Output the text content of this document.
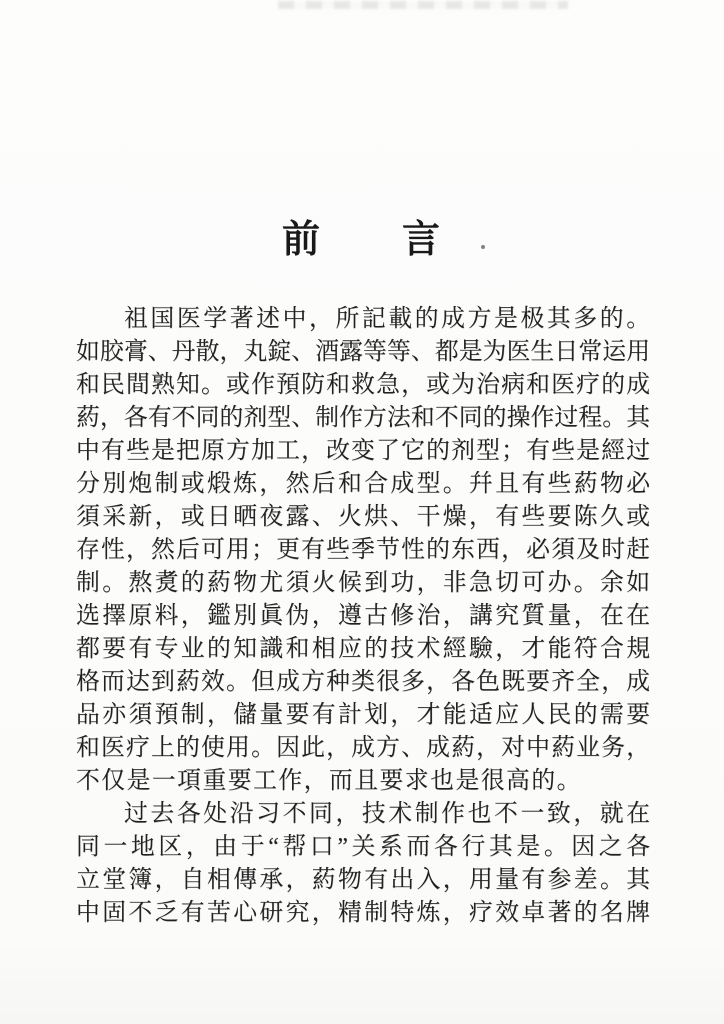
前　　言
祖国医学著述中，所記載的成方是极其多的。
如胶膏、丹散，丸錠、酒露等等、都是为医生日常运用
和民間熟知。或作預防和救急，或为治病和医疗的成
葯，各有不同的剂型、制作方法和不同的操作过程。其
中有些是把原方加工，改变了它的剂型；有些是經过
分別炮制或煅炼，然后和合成型。幷且有些葯物必
須采新，或日晒夜露、火烘、干燥，有些要陈久或
存性，然后可用；更有些季节性的东西，必須及时赶
制。熬煑的葯物尤須火候到功，非急切可办。余如
选擇原料，鑑別眞伪，遵古修治，講究質量，在在
都要有专业的知識和相应的技术經驗，才能符合規
格而达到葯效。但成方种类很多，各色既要齐全，成
品亦須預制，儲量要有計划，才能适应人民的需要
和医疗上的使用。因此，成方、成葯，对中葯业务，
不仅是一項重要工作，而且要求也是很高的。
过去各处沿习不同，技术制作也不一致，就在
同一地区，由于“帮口”关系而各行其是。因之各
立堂簿，自相傳承，葯物有出入，用量有参差。其
中固不乏有苦心研究，精制特炼，疗效卓著的名牌
